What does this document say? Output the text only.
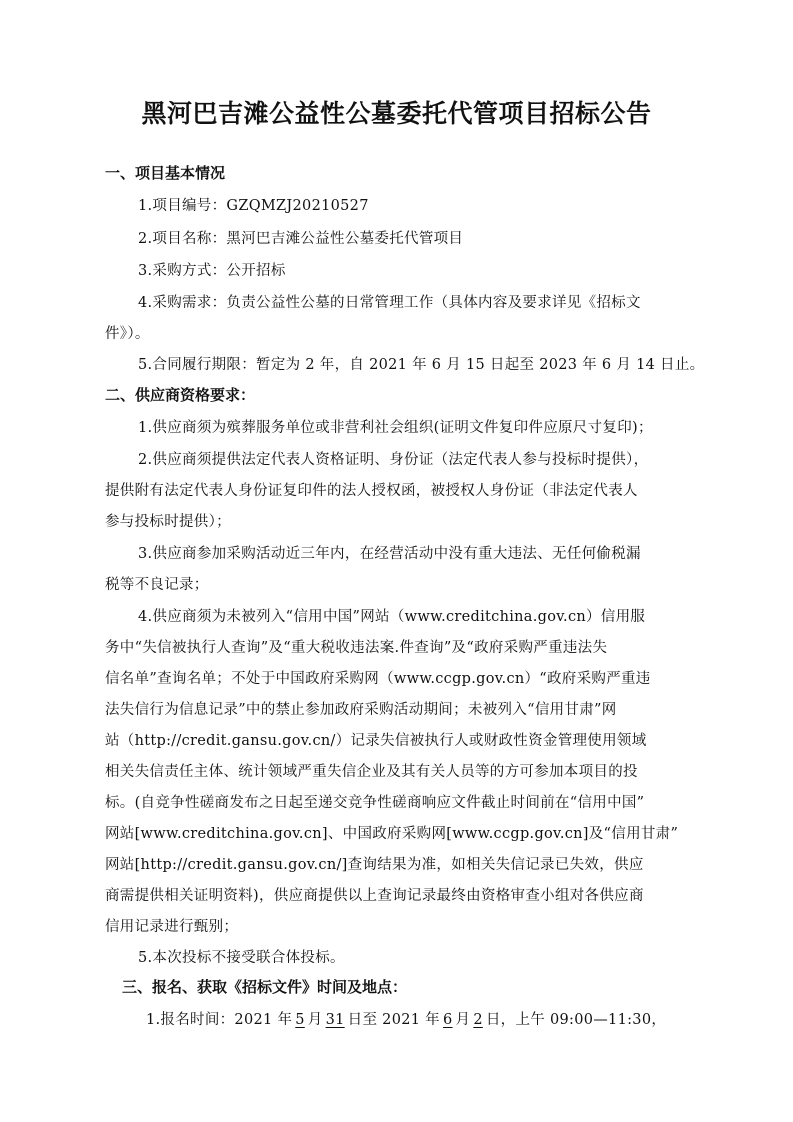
黑河巴吉滩公益性公墓委托代管项目招标公告
一、项目基本情况
1.项目编号：GZQMZJ20210527
2.项目名称：黑河巴吉滩公益性公墓委托代管项目
3.采购方式：公开招标
4.采购需求：负责公益性公墓的日常管理工作（具体内容及要求详见《招标文
件》）。
5.合同履行期限：暂定为 2 年，自 2021 年 6 月 15 日起至 2023 年 6 月 14 日止。
二、供应商资格要求：
1.供应商须为殡葬服务单位或非营利社会组织(证明文件复印件应原尺寸复印)；
2.供应商须提供法定代表人资格证明、身份证（法定代表人参与投标时提供），
提供附有法定代表人身份证复印件的法人授权函，被授权人身份证（非法定代表人
参与投标时提供）；
3.供应商参加采购活动近三年内，在经营活动中没有重大违法、无任何偷税漏
税等不良记录；
4.供应商须为未被列入“信用中国”网站（www.creditchina.gov.cn）信用服
务中“失信被执行人查询”及“重大税收违法案.件查询”及“政府采购严重违法失
信名单”查询名单；不处于中国政府采购网（www.ccgp.gov.cn）“政府采购严重违
法失信行为信息记录”中的禁止参加政府采购活动期间；未被列入“信用甘肃”网
站（http://credit.gansu.gov.cn/）记录失信被执行人或财政性资金管理使用领域
相关失信责任主体、统计领域严重失信企业及其有关人员等的方可参加本项目的投
标。(自竞争性磋商发布之日起至递交竞争性磋商响应文件截止时间前在“信用中国”
网站[www.creditchina.gov.cn]、中国政府采购网[www.ccgp.gov.cn]及“信用甘肃”
网站[http://credit.gansu.gov.cn/]查询结果为准，如相关失信记录已失效，供应
商需提供相关证明资料)，供应商提供以上查询记录最终由资格审查小组对各供应商
信用记录进行甄别；
5.本次投标不接受联合体投标。
三、报名、获取《招标文件》时间及地点：
1.报名时间：2021 年 5 月 31 日至 2021 年 6 月 2 日，上午 09:00—11:30，
